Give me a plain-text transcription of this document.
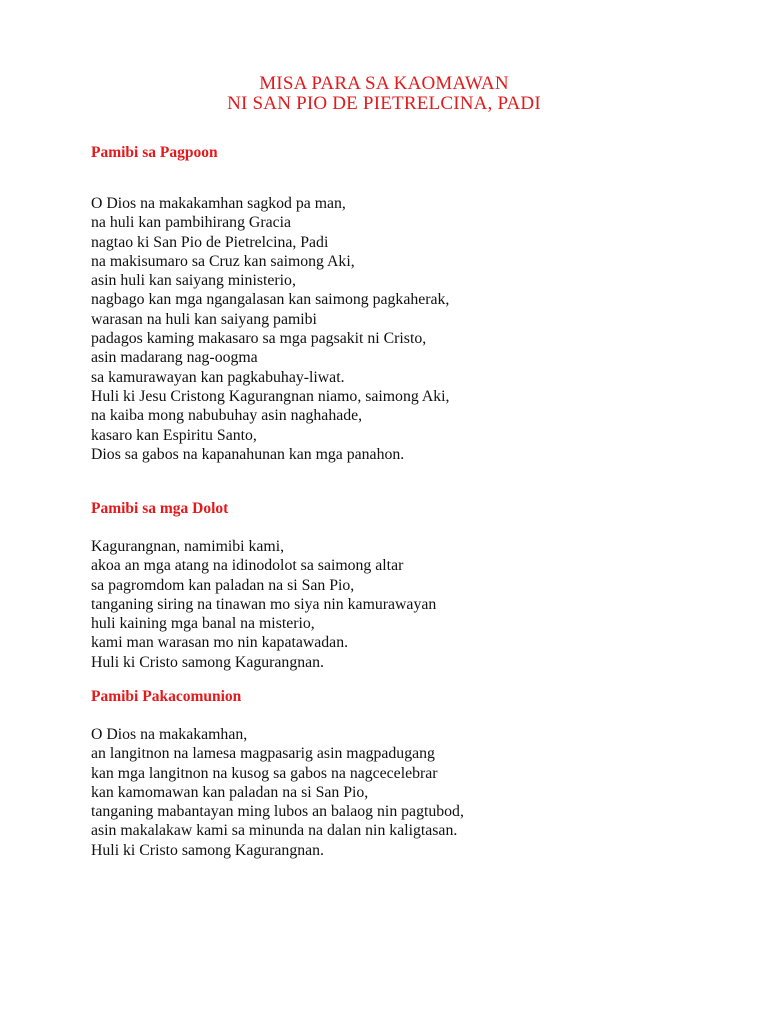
MISA PARA SA KAOMAWAN
NI SAN PIO DE PIETRELCINA, PADI
Pamibi sa Pagpoon
O Dios na makakamhan sagkod pa man,
na huli kan pambihirang Gracia
nagtao ki San Pio de Pietrelcina, Padi
na makisumaro sa Cruz kan saimong Aki,
asin huli kan saiyang ministerio,
nagbago kan mga ngangalasan kan saimong pagkaherak,
warasan na huli kan saiyang pamibi
padagos kaming makasaro sa mga pagsakit ni Cristo,
asin madarang nag-oogma
sa kamurawayan kan pagkabuhay-liwat.
Huli ki Jesu Cristong Kagurangnan niamo, saimong Aki,
na kaiba mong nabubuhay asin naghahade,
kasaro kan Espiritu Santo,
Dios sa gabos na kapanahunan kan mga panahon.
Pamibi sa mga Dolot
Kagurangnan, namimibi kami,
akoa an mga atang na idinodolot sa saimong altar
sa pagromdom kan paladan na si San Pio,
tanganing siring na tinawan mo siya nin kamurawayan
huli kaining mga banal na misterio,
kami man warasan mo nin kapatawadan.
Huli ki Cristo samong Kagurangnan.
Pamibi Pakacomunion
O Dios na makakamhan,
an langitnon na lamesa magpasarig asin magpadugang
kan mga langitnon na kusog sa gabos na nagcecelebrar
kan kamomawan kan paladan na si San Pio,
tanganing mabantayan ming lubos an balaog nin pagtubod,
asin makalakaw kami sa minunda na dalan nin kaligtasan.
Huli ki Cristo samong Kagurangnan.
